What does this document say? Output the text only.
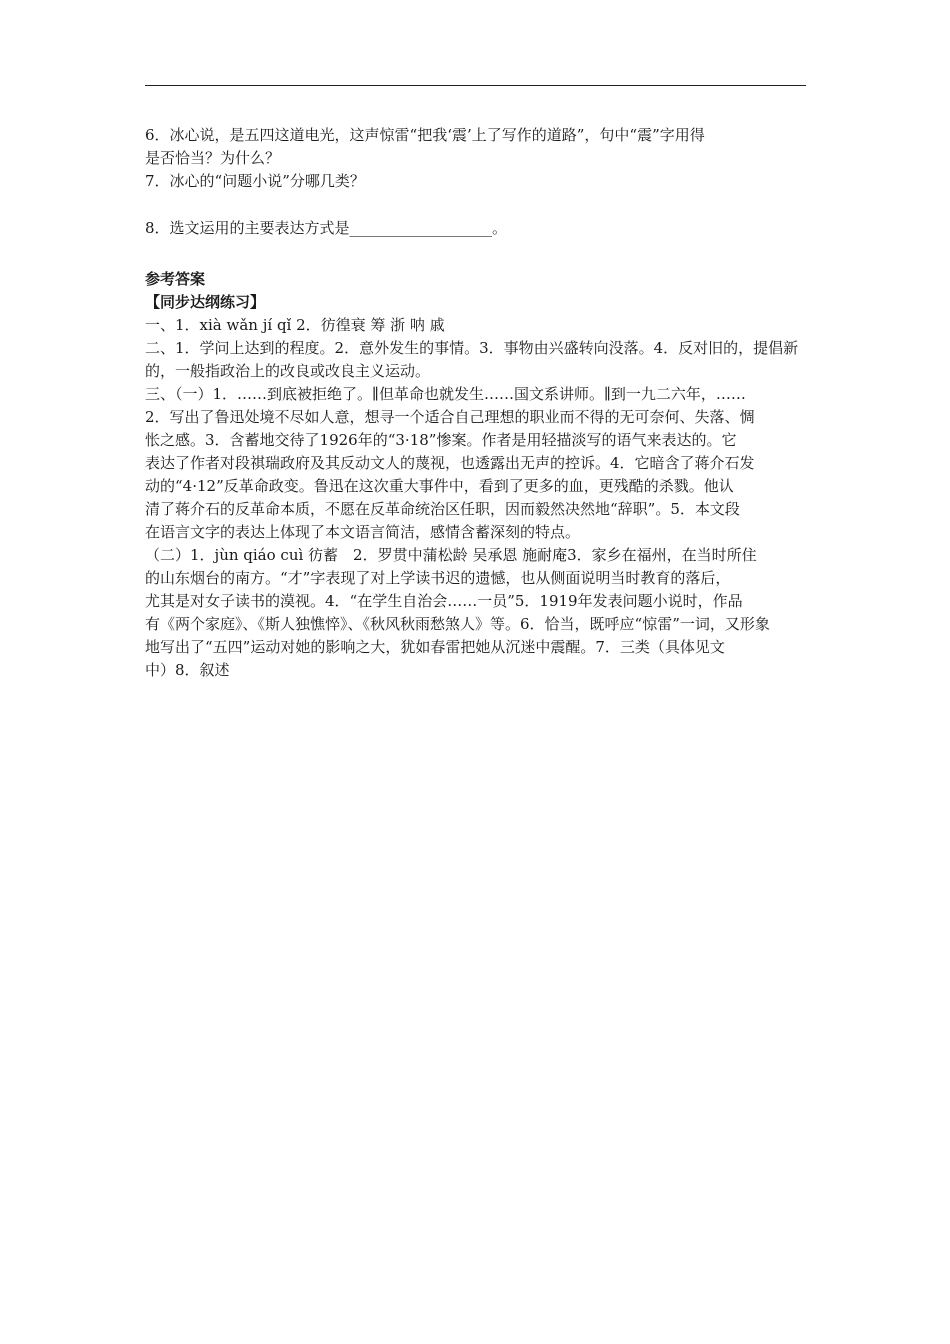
6．冰心说，是五四这道电光，这声惊雷“把我‘震’上了写作的道路”，句中“震”字用得
是否恰当？为什么？
7．冰心的“问题小说”分哪几类？
8．选文运用的主要表达方式是___________________。
参考答案
【同步达纲练习】
一、1．xià wǎn jí qǐ 2．彷徨衰 筹 浙 呐 戚
二、1．学问上达到的程度。2．意外发生的事情。3．事物由兴盛转向没落。4．反对旧的，提倡新
的，一般指政治上的改良或改良主义运动。
三、（一）1．……到底被拒绝了。∥但革命也就发生……国文系讲师。∥到一九二六年，……
2．写出了鲁迅处境不尽如人意，想寻一个适合自己理想的职业而不得的无可奈何、失落、惆
怅之感。3．含蓄地交待了1926年的“3·18”惨案。作者是用轻描淡写的语气来表达的。它
表达了作者对段祺瑞政府及其反动文人的蔑视，也透露出无声的控诉。4．它暗含了蒋介石发
动的“4·12”反革命政变。鲁迅在这次重大事件中，看到了更多的血，更残酷的杀戮。他认
清了蒋介石的反革命本质，不愿在反革命统治区任职，因而毅然决然地“辞职”。5．本文段
在语言文字的表达上体现了本文语言简洁，感情含蓄深刻的特点。
（二）1．jùn qiáo cuì 彷蓄　2．罗贯中蒲松龄 吴承恩 施耐庵3．家乡在福州，在当时所住
的山东烟台的南方。“才”字表现了对上学读书迟的遗憾，也从侧面说明当时教育的落后，
尤其是对女子读书的漠视。4．“在学生自治会……一员”5．1919年发表问题小说时，作品
有《两个家庭》、《斯人独憔悴》、《秋风秋雨愁煞人》等。6．恰当，既呼应“惊雷”一词，又形象
地写出了“五四”运动对她的影响之大，犹如春雷把她从沉迷中震醒。7．三类（具体见文
中）8．叙述
